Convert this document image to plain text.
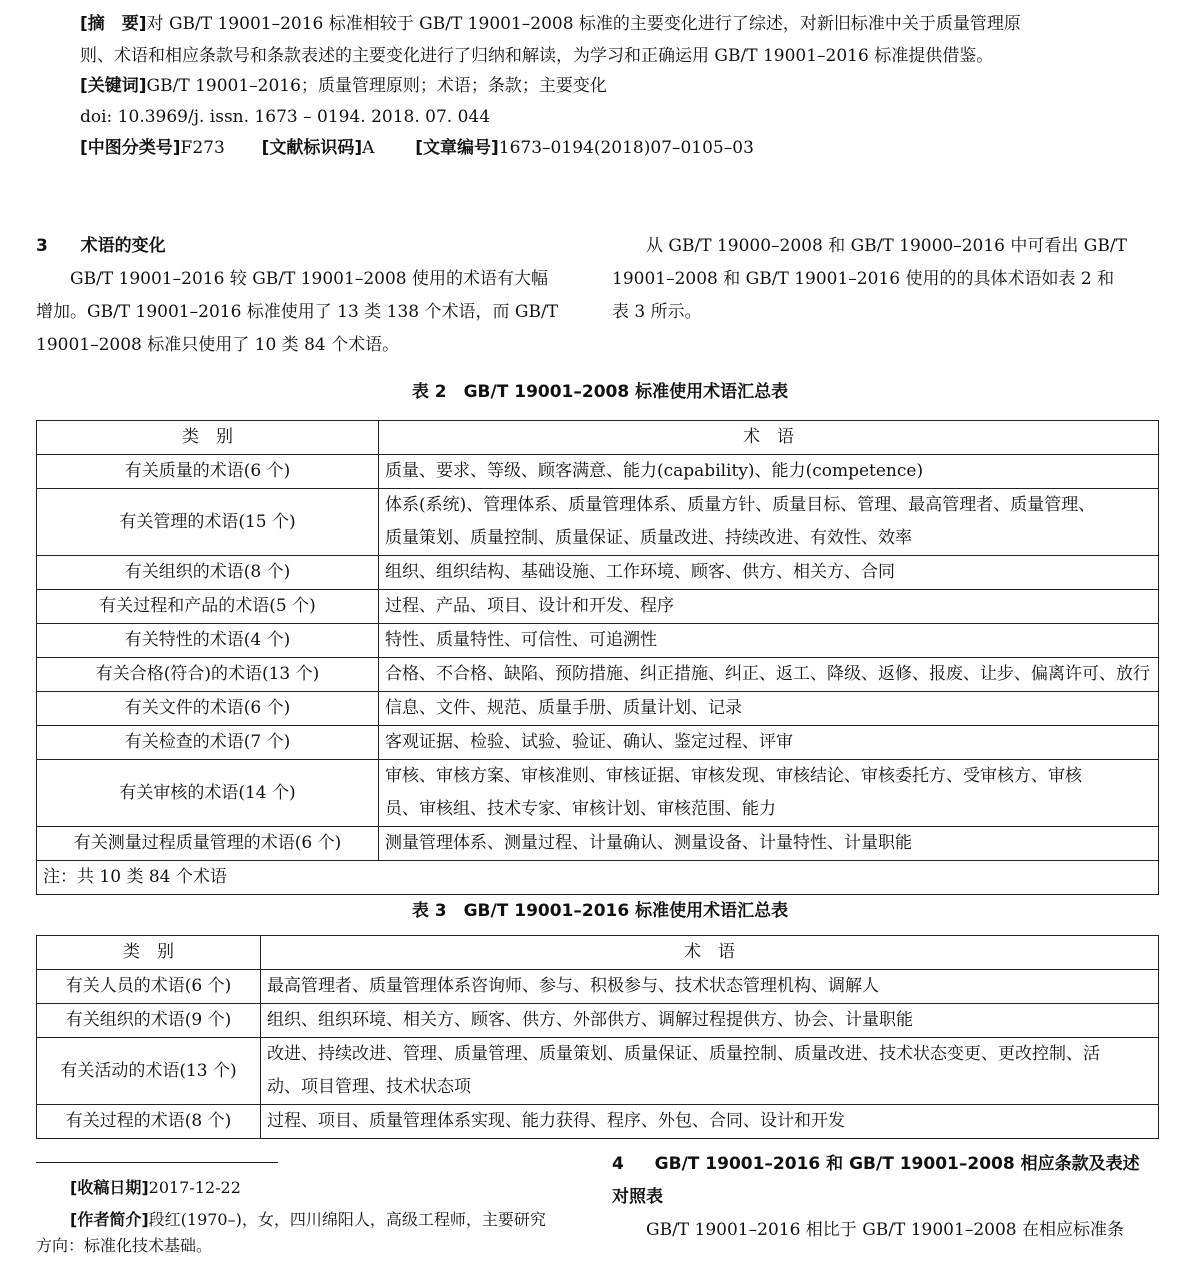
[摘　要]对 GB/T 19001–2016 标准相较于 GB/T 19001–2008 标准的主要变化进行了综述，对新旧标准中关于质量管理原
则、术语和相应条款号和条款表述的主要变化进行了归纳和解读，为学习和正确运用 GB/T 19001–2016 标准提供借鉴。
[关键词]GB/T 19001–2016；质量管理原则；术语；条款；主要变化
doi: 10.3969/j. issn. 1673 – 0194. 2018. 07. 044
[中图分类号]F273 [文献标识码]A [文章编号]1673–0194(2018)07–0105–03
3 术语的变化
GB/T 19001–2016 较 GB/T 19001–2008 使用的术语有大幅
增加。GB/T 19001–2016 标准使用了 13 类 138 个术语，而 GB/T
19001–2008 标准只使用了 10 类 84 个术语。
从 GB/T 19000–2008 和 GB/T 19000–2016 中可看出 GB/T
19001–2008 和 GB/T 19001–2016 使用的的具体术语如表 2 和
表 3 所示。
表 2　GB/T 19001–2008 标准使用术语汇总表
类　别	术　语
有关质量的术语(6 个)	质量、要求、等级、顾客满意、能力(capability)、能力(competence)

有关管理的术语(15 个)	体系(系统)、管理体系、质量管理体系、质量方针、质量目标、管理、最高管理者、质量管理、
质量策划、质量控制、质量保证、质量改进、持续改进、有效性、效率

有关组织的术语(8 个)	组织、组织结构、基础设施、工作环境、顾客、供方、相关方、合同

有关过程和产品的术语(5 个)	过程、产品、项目、设计和开发、程序

有关特性的术语(4 个)	特性、质量特性、可信性、可追溯性

有关合格(符合)的术语(13 个)	合格、不合格、缺陷、预防措施、纠正措施、纠正、返工、降级、返修、报废、让步、偏离许可、放行

有关文件的术语(6 个)	信息、文件、规范、质量手册、质量计划、记录

有关检查的术语(7 个)	客观证据、检验、试验、验证、确认、鉴定过程、评审

有关审核的术语(14 个)	审核、审核方案、审核准则、审核证据、审核发现、审核结论、审核委托方、受审核方、审核
员、审核组、技术专家、审核计划、审核范围、能力

有关测量过程质量管理的术语(6 个)	测量管理体系、测量过程、计量确认、测量设备、计量特性、计量职能

注：共 10 类 84 个术语	
表 3　GB/T 19001–2016 标准使用术语汇总表
类　别	术　语
有关人员的术语(6 个)	最高管理者、质量管理体系咨询师、参与、积极参与、技术状态管理机构、调解人

有关组织的术语(9 个)	组织、组织环境、相关方、顾客、供方、外部供方、调解过程提供方、协会、计量职能

有关活动的术语(13 个)	改进、持续改进、管理、质量管理、质量策划、质量保证、质量控制、质量改进、技术状态变更、更改控制、活
动、项目管理、技术状态项

有关过程的术语(8 个)	过程、项目、质量管理体系实现、能力获得、程序、外包、合同、设计和开发
[收稿日期]2017-12-22
[作者简介]段红(1970–)，女，四川绵阳人，高级工程师，主要研究
方向：标准化技术基础。
4 GB/T 19001–2016 和 GB/T 19001–2008 相应条款及表述
对照表
GB/T 19001–2016 相比于 GB/T 19001–2008 在相应标准条
